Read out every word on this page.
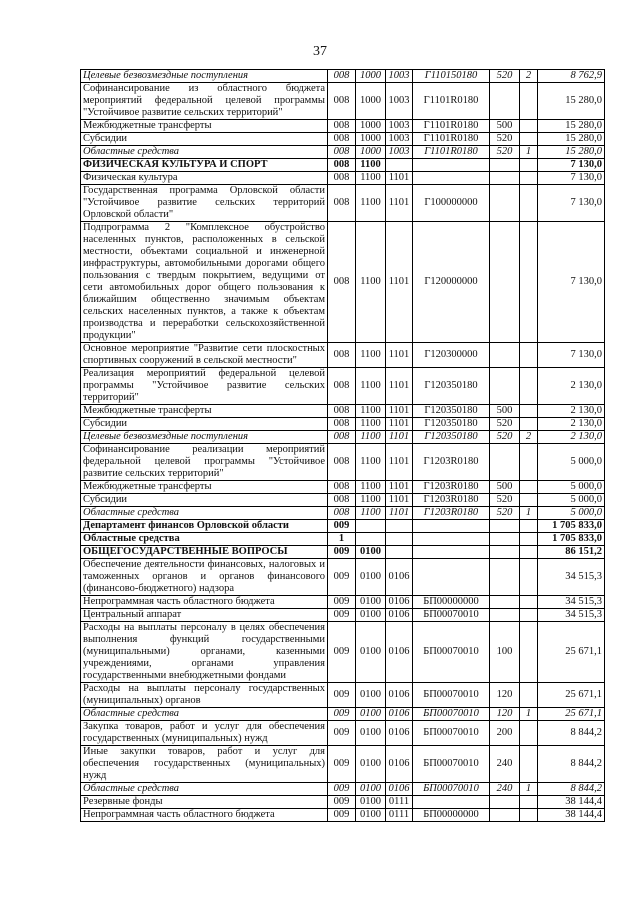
37
Целевые безвозмездные поступления	008	1000	1003	Г110150180	520	2	8 762,9
Софинансирование из областного бюджета мероприятий федеральной целевой программы "Устойчивое развитие сельских территорий"	008	1000	1003	Г1101R0180			15 280,0
Межбюджетные трансферты	008	1000	1003	Г1101R0180	500		15 280,0
Субсидии	008	1000	1003	Г1101R0180	520		15 280,0
Областные средства	008	1000	1003	Г1101R0180	520	1	15 280,0
ФИЗИЧЕСКАЯ КУЛЬТУРА И СПОРТ	008	1100					7 130,0
Физическая культура	008	1100	1101				7 130,0
Государственная программа Орловской области "Устойчивое развитие сельских территорий Орловской области"	008	1100	1101	Г100000000			7 130,0
Подпрограмма 2 "Комплексное обустройство населенных пунктов, расположенных в сельской местности, объектами социальной и инженерной инфраструктуры, автомобильными дорогами общего пользования с твердым покрытием, ведущими от сети автомобильных дорог общего пользования к ближайшим общественно значимым объектам сельских населенных пунктов, а также к объектам производства и переработки сельскохозяйственной продукции"	008	1100	1101	Г120000000			7 130,0
Основное мероприятие "Развитие сети плоскостных спортивных сооружений в сельской местности"	008	1100	1101	Г120300000			7 130,0
Реализация мероприятий федеральной целевой программы "Устойчивое развитие сельских территорий"	008	1100	1101	Г120350180			2 130,0
Межбюджетные трансферты	008	1100	1101	Г120350180	500		2 130,0
Субсидии	008	1100	1101	Г120350180	520		2 130,0
Целевые безвозмездные поступления	008	1100	1101	Г120350180	520	2	2 130,0
Софинансирование реализации мероприятий федеральной целевой программы "Устойчивое развитие сельских территорий"	008	1100	1101	Г1203R0180			5 000,0
Межбюджетные трансферты	008	1100	1101	Г1203R0180	500		5 000,0
Субсидии	008	1100	1101	Г1203R0180	520		5 000,0
Областные средства	008	1100	1101	Г1203R0180	520	1	5 000,0
Департамент финансов Орловской области	009						1 705 833,0
Областные средства	1						1 705 833,0
ОБЩЕГОСУДАРСТВЕННЫЕ ВОПРОСЫ	009	0100					86 151,2
Обеспечение деятельности финансовых, налоговых и таможенных органов и органов финансового (финансово-бюджетного) надзора	009	0100	0106				34 515,3
Непрограммная часть областного бюджета	009	0100	0106	БП00000000			34 515,3
Центральный аппарат	009	0100	0106	БП00070010			34 515,3
Расходы на выплаты персоналу в целях обеспечения выполнения функций государственными (муниципальными) органами, казенными учреждениями, органами управления государственными внебюджетными фондами	009	0100	0106	БП00070010	100		25 671,1
Расходы на выплаты персоналу государственных (муниципальных) органов	009	0100	0106	БП00070010	120		25 671,1
Областные средства	009	0100	0106	БП00070010	120	1	25 671,1
Закупка товаров, работ и услуг для обеспечения государственных (муниципальных) нужд	009	0100	0106	БП00070010	200		8 844,2
Иные закупки товаров, работ и услуг для обеспечения государственных (муниципальных) нужд	009	0100	0106	БП00070010	240		8 844,2
Областные средства	009	0100	0106	БП00070010	240	1	8 844,2
Резервные фонды	009	0100	0111				38 144,4
Непрограммная часть областного бюджета	009	0100	0111	БП00000000			38 144,4
